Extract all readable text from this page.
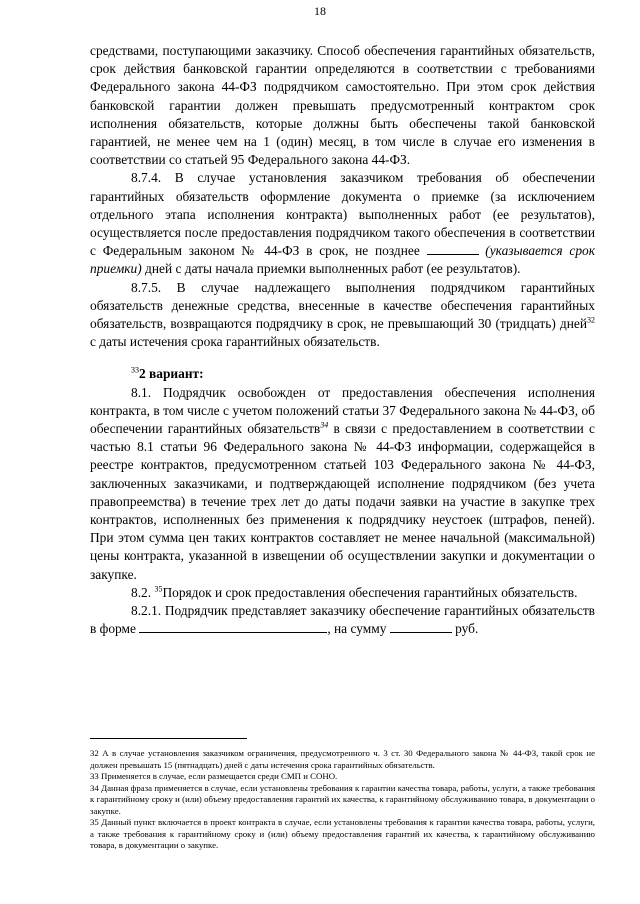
18

средствами, поступающими заказчику. Способ обеспечения гарантийных обязательств, срок действия банковской гарантии определяются в соответствии с требованиями Федерального закона 44-ФЗ подрядчиком самостоятельно. При этом срок действия банковской гарантии должен превышать предусмотренный контрактом срок исполнения обязательств, которые должны быть обеспечены такой банковской гарантией, не менее чем на 1 (один) месяц, в том числе в случае его изменения в соответствии со статьей 95 Федерального закона 44-ФЗ.

8.7.4. В случае установления заказчиком требования об обеспечении гарантийных обязательств оформление документа о приемке (за исключением отдельного этапа исполнения контракта) выполненных работ (ее результатов), осуществляется после предоставления подрядчиком такого обеспечения в соответствии с Федеральным законом № 44-ФЗ в срок, не позднее	(указывается срок приемки) дней с даты начала приемки выполненных работ (ее результатов).

8.7.5. В случае надлежащего выполнения подрядчиком гарантийных обязательств денежные средства, внесенные в качестве обеспечения гарантийных обязательств, возвращаются подрядчику в срок, не превышающий 30 (тридцать) дней$^{32}$ с даты истечения срока гарантийных обязательств.

$^{33}$2 вариант:

8.1. Подрядчик освобожден от предоставления обеспечения исполнения контракта, в том числе с учетом положений статьи 37 Федерального закона № 44-ФЗ, об обеспечении гарантийных обязательств$^{34}$ в связи с предоставлением в соответствии с частью 8.1 статьи 96 Федерального закона № 44-ФЗ информации, содержащейся в реестре контрактов, предусмотренном статьей 103 Федерального закона № 44-ФЗ, заключенных заказчиками, и подтверждающей исполнение подрядчиком (без учета правопреемства) в течение трех лет до даты подачи заявки на участие в закупке трех контрактов, исполненных без применения к подрядчику неустоек (штрафов, пеней). При этом сумма цен таких контрактов составляет не менее начальной (максимальной) цены контракта, указанной в извещении об осуществлении закупки и документации о закупке.

8.2. $^{35}$Порядок и срок предоставления обеспечения гарантийных обязательств.

8.2.1. Подрядчик представляет заказчику обеспечение гарантийных обязательств в форме	, на сумму	руб.

32 А в случае установления заказчиком ограничения, предусмотренного ч. 3 ст. 30 Федерального закона № 44-ФЗ, такой срок не должен превышать 15 (пятнадцать) дней с даты истечения срока гарантийных обязательств.

33 Применяется в случае, если размещается среди СМП и СОНО.

34 Данная фраза применяется в случае, если установлены требования к гарантии качества товара, работы, услуги, а также требования к гарантийному сроку и (или) объему предоставления гарантий их качества, к гарантийному обслуживанию товара, в документации о закупке.

35 Данный пункт включается в проект контракта в случае, если установлены требования к гарантии качества товара, работы, услуги, а также требования к гарантийному сроку и (или) объему предоставления гарантий их качества, к гарантийному обслуживанию товара, в документации о закупке.
